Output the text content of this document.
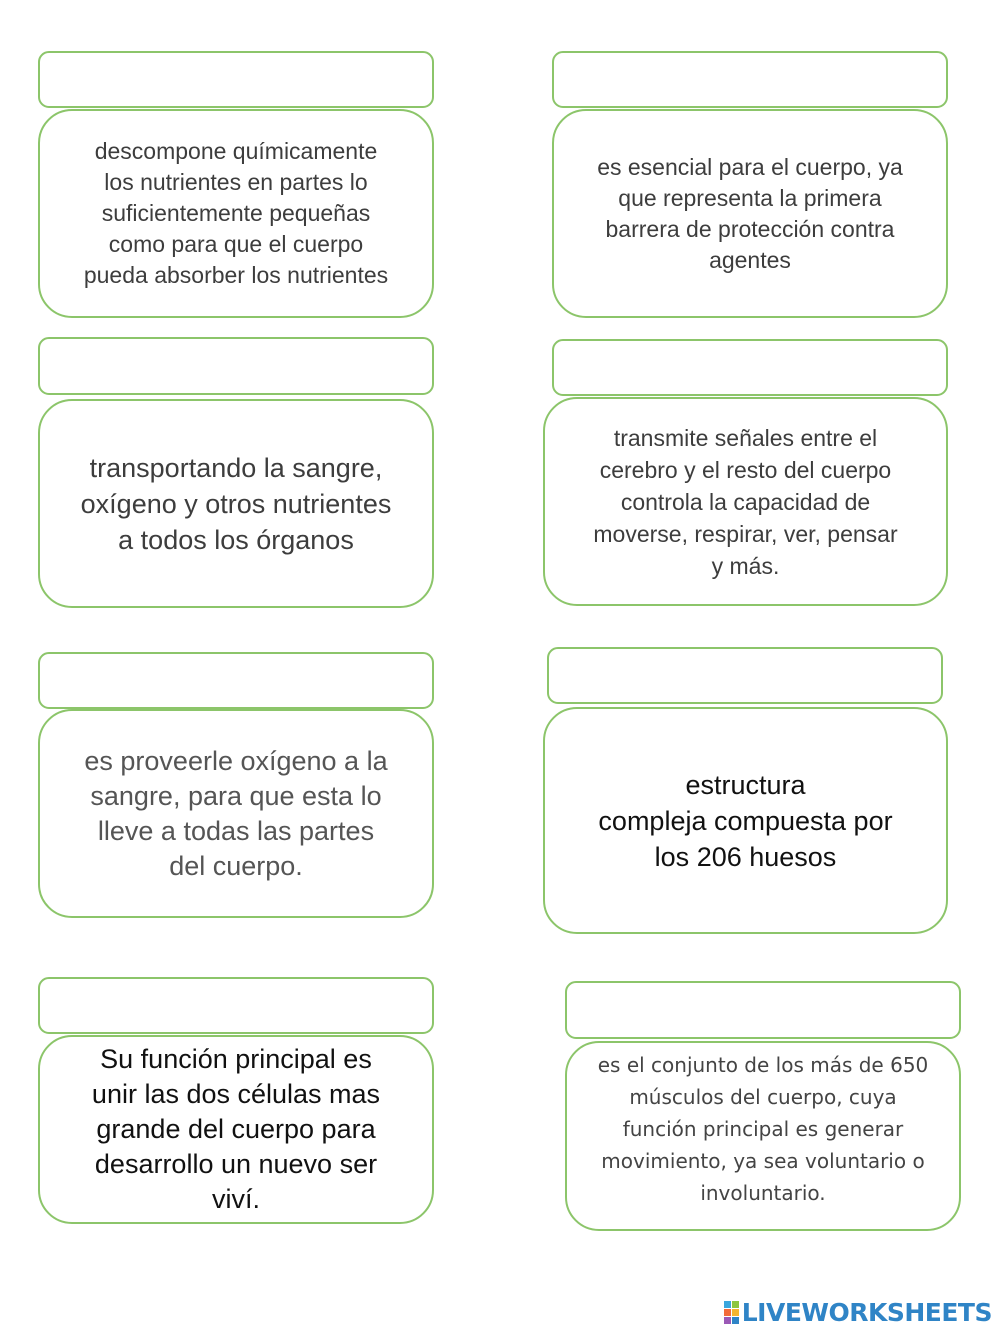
descompone químicamente
los nutrientes en partes lo
suficientemente pequeñas
como para que el cuerpo
pueda absorber los nutrientes
es esencial para el cuerpo, ya
que representa la primera
barrera de protección contra
agentes
transportando la sangre,
oxígeno y otros nutrientes
a todos los órganos
transmite señales entre el
cerebro y el resto del cuerpo
controla la capacidad de
moverse, respirar, ver, pensar
y más.
es proveerle oxígeno a la
sangre, para que esta lo
lleve a todas las partes
del cuerpo.
estructura
compleja compuesta por
los 206 huesos
Su función principal es
unir las dos células mas
grande del cuerpo para
desarrollo un nuevo ser
viví.
es el conjunto de los más de 650
músculos del cuerpo, cuya
función principal es generar
movimiento, ya sea voluntario o
involuntario.
LIVEWORKSHEETS
